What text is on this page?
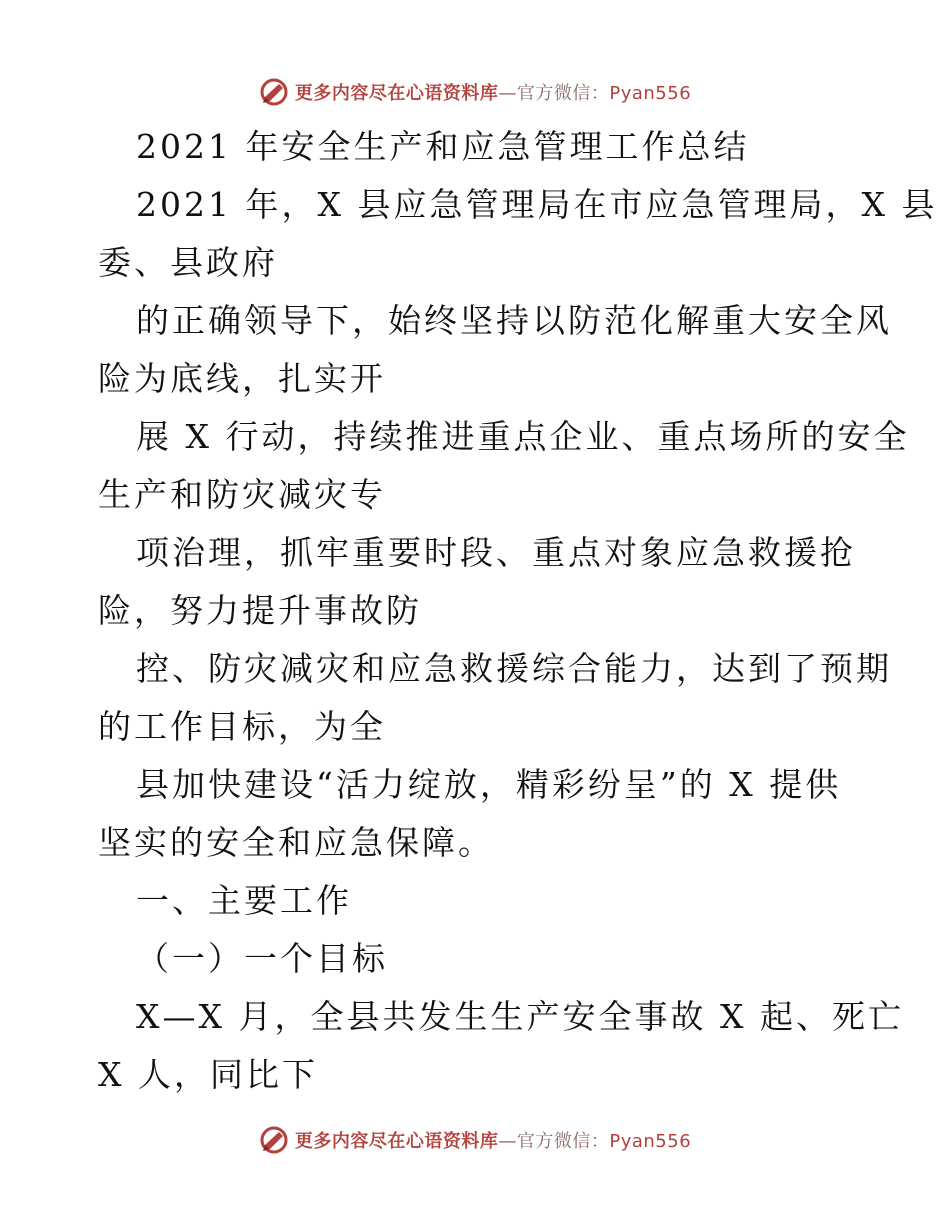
更多内容尽在心语资料库—官方微信：Pyan556
2021 年安全生产和应急管理工作总结
2021 年，X 县应急管理局在市应急管理局，X 县
委、县政府
的正确领导下，始终坚持以防范化解重大安全风
险为底线，扎实开
展 X 行动，持续推进重点企业、重点场所的安全
生产和防灾减灾专
项治理，抓牢重要时段、重点对象应急救援抢
险，努力提升事故防
控、防灾减灾和应急救援综合能力，达到了预期
的工作目标，为全
县加快建设“活力绽放，精彩纷呈”的 X 提供
坚实的安全和应急保障。
一、主要工作
（一）一个目标
X—X 月，全县共发生生产安全事故 X 起、死亡
X 人，同比下
更多内容尽在心语资料库—官方微信：Pyan556
